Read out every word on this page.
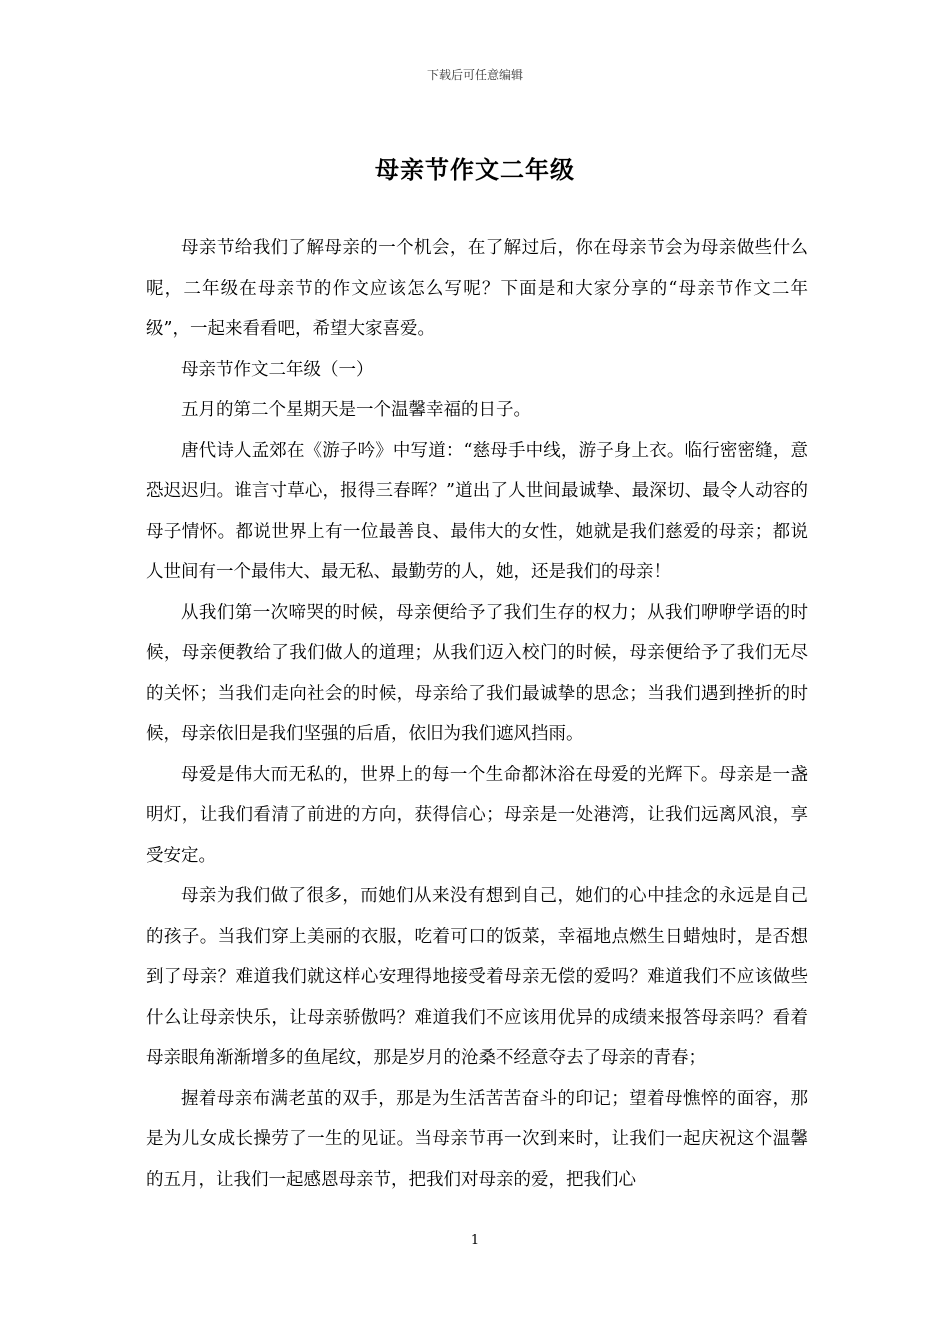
下载后可任意编辑
母亲节作文二年级

母亲节给我们了解母亲的一个机会，在了解过后，你在母亲节会为母亲做些什么呢，二年级在母亲节的作文应该怎么写呢？下面是和大家分享的“母亲节作文二年级”，一起来看看吧，希望大家喜爱。

母亲节作文二年级（一）

五月的第二个星期天是一个温馨幸福的日子。

唐代诗人孟郊在《游子吟》中写道：“慈母手中线，游子身上衣。临行密密缝，意恐迟迟归。谁言寸草心，报得三春晖？”道出了人世间最诚挚、最深切、最令人动容的母子情怀。都说世界上有一位最善良、最伟大的女性，她就是我们慈爱的母亲；都说人世间有一个最伟大、最无私、最勤劳的人，她，还是我们的母亲！

从我们第一次啼哭的时候，母亲便给予了我们生存的权力；从我们咿咿学语的时候，母亲便教给了我们做人的道理；从我们迈入校门的时候，母亲便给予了我们无尽的关怀；当我们走向社会的时候，母亲给了我们最诚挚的思念；当我们遇到挫折的时候，母亲依旧是我们坚强的后盾，依旧为我们遮风挡雨。

母爱是伟大而无私的，世界上的每一个生命都沐浴在母爱的光辉下。母亲是一盏明灯，让我们看清了前进的方向，获得信心；母亲是一处港湾，让我们远离风浪，享受安定。

母亲为我们做了很多，而她们从来没有想到自己，她们的心中挂念的永远是自己的孩子。当我们穿上美丽的衣服，吃着可口的饭菜，幸福地点燃生日蜡烛时，是否想到了母亲？难道我们就这样心安理得地接受着母亲无偿的爱吗？难道我们不应该做些什么让母亲快乐，让母亲骄傲吗？难道我们不应该用优异的成绩来报答母亲吗？看着母亲眼角渐渐增多的鱼尾纹，那是岁月的沧桑不经意夺去了母亲的青春；

握着母亲布满老茧的双手，那是为生活苦苦奋斗的印记；望着母憔悴的面容，那是为儿女成长操劳了一生的见证。当母亲节再一次到来时，让我们一起庆祝这个温馨的五月，让我们一起感恩母亲节，把我们对母亲的爱，把我们心

1
